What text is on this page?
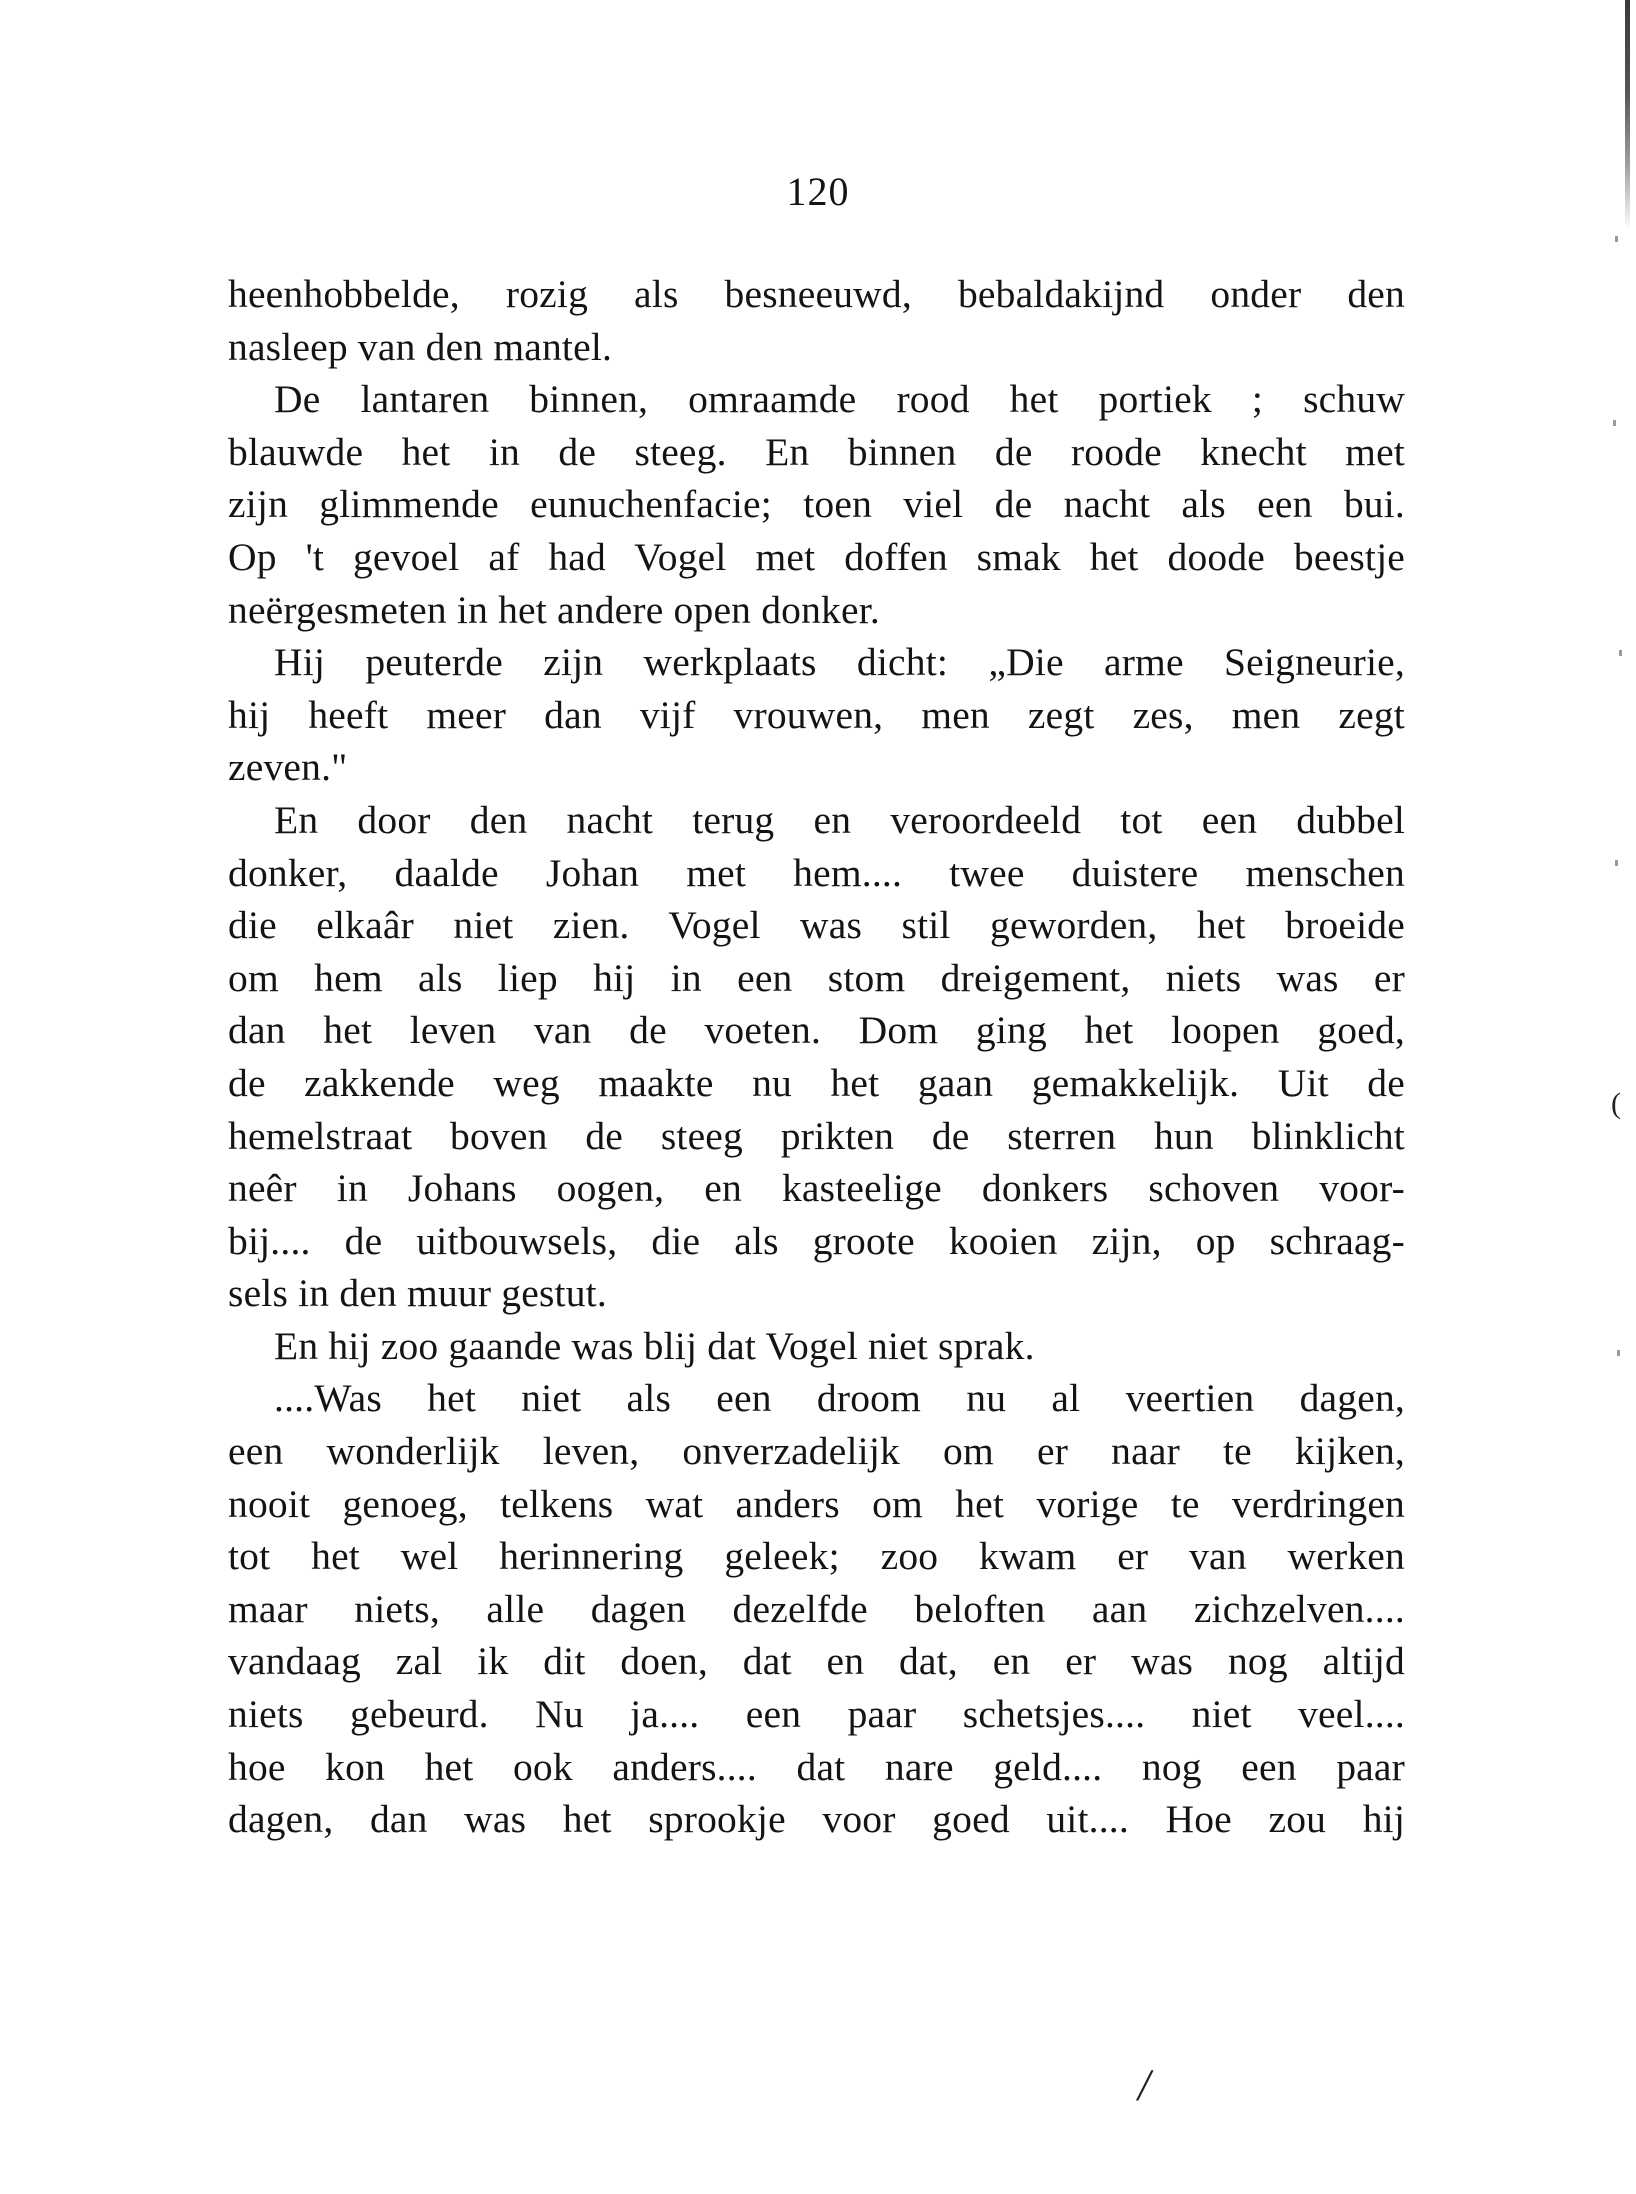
120
heenhobbelde, rozig als besneeuwd, bebaldakijnd onder den
nasleep van den mantel.
De lantaren binnen, omraamde rood het portiek ; schuw
blauwde het in de steeg. En binnen de roode knecht met
zijn glimmende eunuchenfacie; toen viel de nacht als een bui.
Op 't gevoel af had Vogel met doffen smak het doode beestje
neërgesmeten in het andere open donker.
Hij peuterde zijn werkplaats dicht: „Die arme Seigneurie,
hij heeft meer dan vijf vrouwen, men zegt zes, men zegt
zeven."
En door den nacht terug en veroordeeld tot een dubbel
donker, daalde Johan met hem.... twee duistere menschen
die elkaâr niet zien. Vogel was stil geworden, het broeide
om hem als liep hij in een stom dreigement, niets was er
dan het leven van de voeten. Dom ging het loopen goed,
de zakkende weg maakte nu het gaan gemakkelijk. Uit de
hemelstraat boven de steeg prikten de sterren hun blinklicht
neêr in Johans oogen, en kasteelige donkers schoven voor-
bij.... de uitbouwsels, die als groote kooien zijn, op schraag-
sels in den muur gestut.
En hij zoo gaande was blij dat Vogel niet sprak.
....Was het niet als een droom nu al veertien dagen,
een wonderlijk leven, onverzadelijk om er naar te kijken,
nooit genoeg, telkens wat anders om het vorige te verdringen
tot het wel herinnering geleek; zoo kwam er van werken
maar niets, alle dagen dezelfde beloften aan zichzelven....
vandaag zal ik dit doen, dat en dat, en er was nog altijd
niets gebeurd. Nu ja.... een paar schetsjes.... niet veel....
hoe kon het ook anders.... dat nare geld.... nog een paar
dagen, dan was het sprookje voor goed uit.... Hoe zou hij
(
/
